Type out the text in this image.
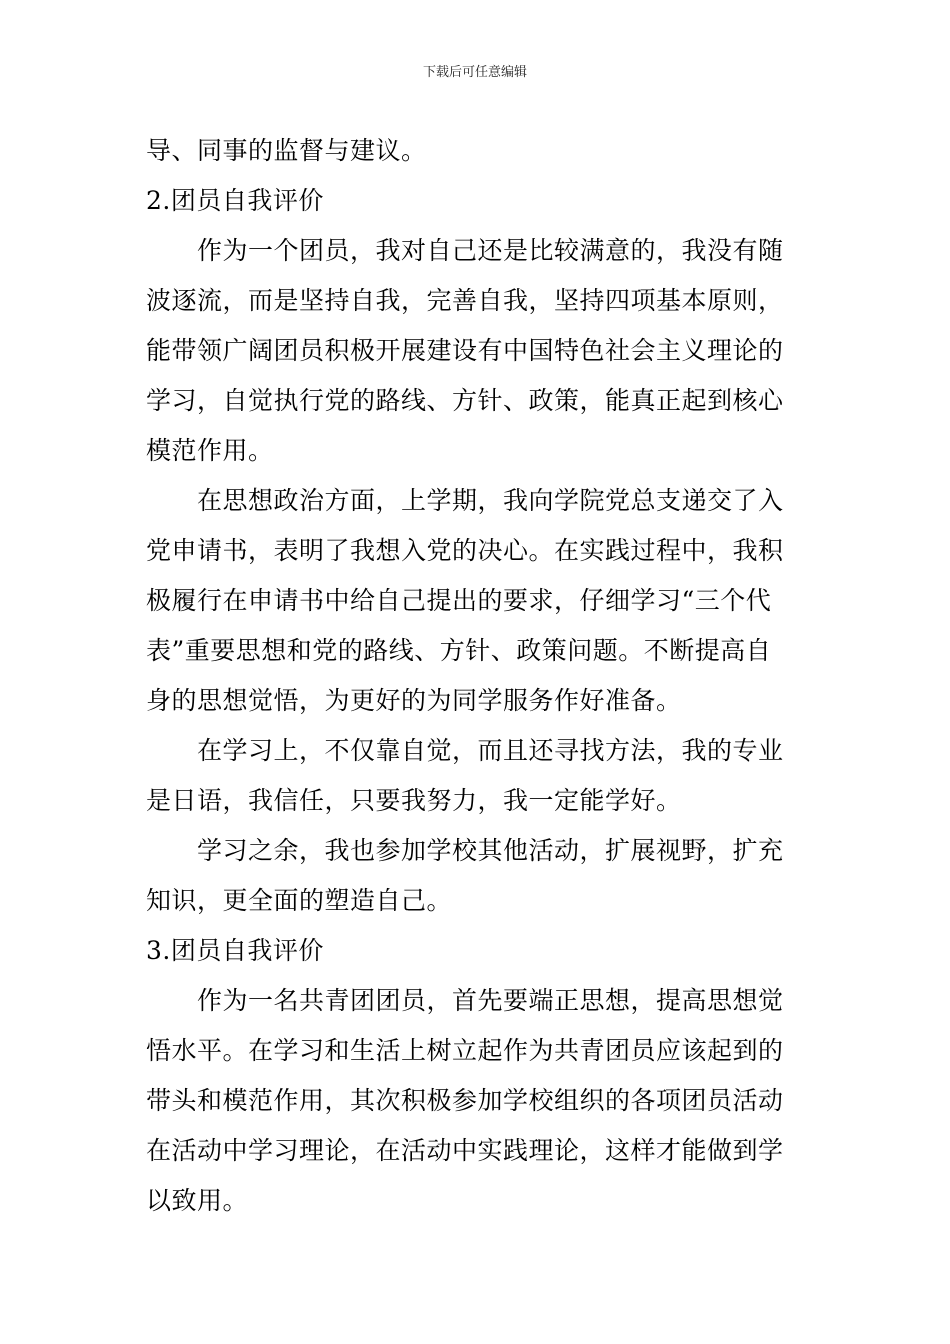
下载后可任意编辑
导、同事的监督与建议。
2.团员自我评价
作为一个团员，我对自己还是比较满意的，我没有随
波逐流，而是坚持自我，完善自我，坚持四项基本原则，
能带领广阔团员积极开展建设有中国特色社会主义理论的
学习，自觉执行党的路线、方针、政策，能真正起到核心
模范作用。
在思想政治方面，上学期，我向学院党总支递交了入
党申请书，表明了我想入党的决心。在实践过程中，我积
极履行在申请书中给自己提出的要求，仔细学习“三个代
表”重要思想和党的路线、方针、政策问题。不断提高自
身的思想觉悟，为更好的为同学服务作好准备。
在学习上，不仅靠自觉，而且还寻找方法，我的专业
是日语，我信任，只要我努力，我一定能学好。
学习之余，我也参加学校其他活动，扩展视野，扩充
知识，更全面的塑造自己。
3.团员自我评价
作为一名共青团团员，首先要端正思想，提高思想觉
悟水平。在学习和生活上树立起作为共青团员应该起到的
带头和模范作用，其次积极参加学校组织的各项团员活动
在活动中学习理论，在活动中实践理论，这样才能做到学
以致用。
